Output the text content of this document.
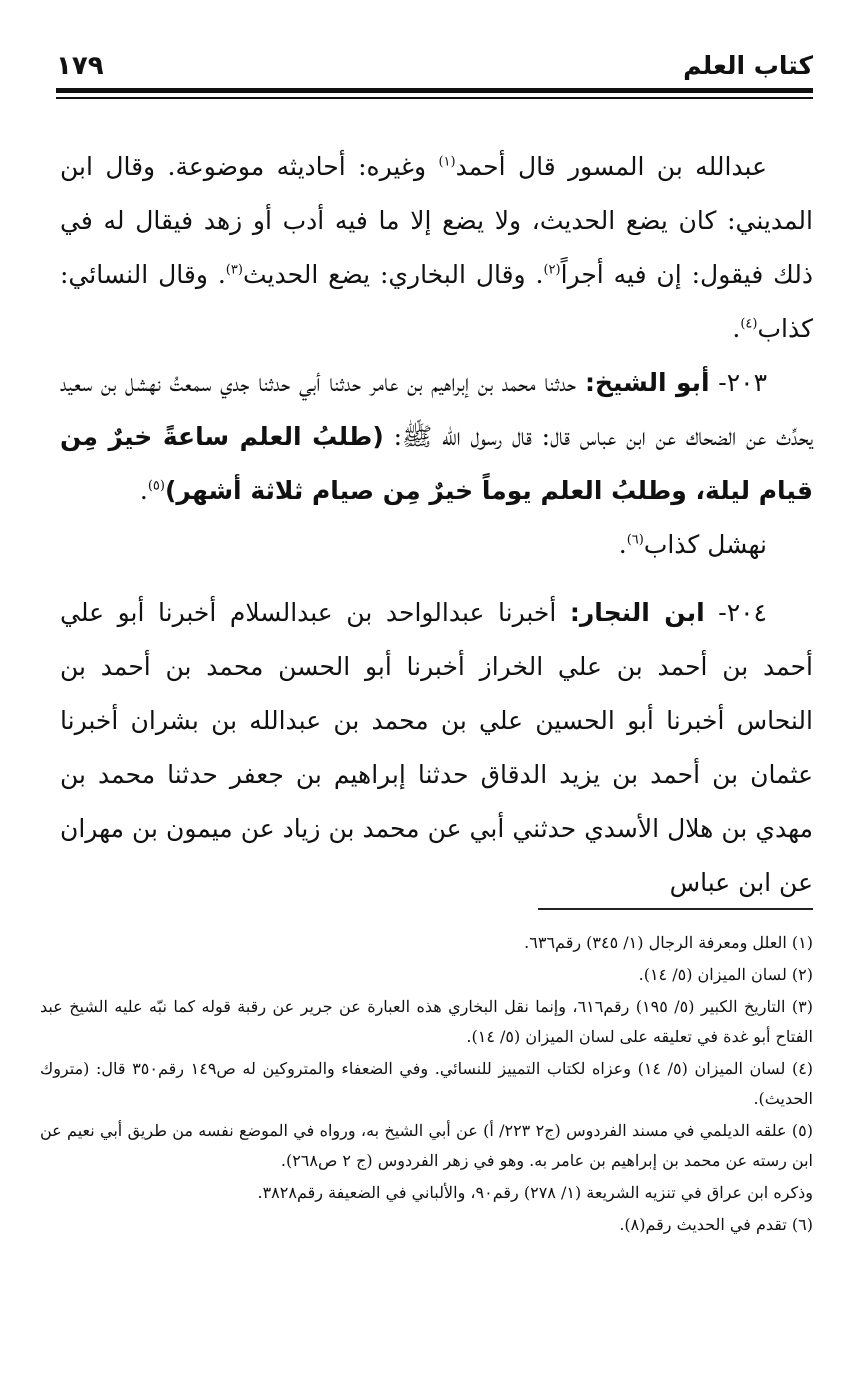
كتاب العلم
١٧٩

عبدالله بن المسور قال أحمد$^{(١)}$ وغيره: أحاديثه موضوعة. وقال ابن المديني: كان يضع الحديث، ولا يضع إلا ما فيه أدب أو زهد فيقال له في ذلك فيقول: إن فيه أجراً$^{(٢)}$. وقال البخاري: يضع الحديث$^{(٣)}$. وقال النسائي: كذاب$^{(٤)}$.

٢٠٣- أبو الشيخ: حدثنا محمد بن إبراهيم بن عامر حدثنا أبي حدثنا جدي سمعتُ نهشل بن سعيد يحدِّث عن الضحاك عن ابن عباس قال: قال رسول الله ﷺ: (طلبُ العلم ساعةً خيرٌ مِن قيام ليلة، وطلبُ العلم يوماً خيرٌ مِن صيام ثلاثة أشهر)$^{(٥)}$.

نهشل كذاب$^{(٦)}$.

٢٠٤- ابن النجار: أخبرنا عبدالواحد بن عبدالسلام أخبرنا أبو علي أحمد بن أحمد بن علي الخراز أخبرنا أبو الحسن محمد بن أحمد بن النحاس أخبرنا أبو الحسين علي بن محمد بن عبدالله بن بشران أخبرنا عثمان بن أحمد بن يزيد الدقاق حدثنا إبراهيم بن جعفر حدثنا محمد بن مهدي بن هلال الأسدي حدثني أبي عن محمد بن زياد عن ميمون بن مهران عن ابن عباس

(١) العلل ومعرفة الرجال (١/ ٣٤٥) رقم٦٣٦.

(٢) لسان الميزان (٥/ ١٤).

(٣) التاريخ الكبير (٥/ ١٩٥) رقم٦١٦، وإنما نقل البخاري هذه العبارة عن جرير عن رقبة قوله كما نبّه عليه الشيخ عبد الفتاح أبو غدة في تعليقه على لسان الميزان (٥/ ١٤).

(٤) لسان الميزان (٥/ ١٤) وعزاه لكتاب التمييز للنسائي. وفي الضعفاء والمتروكين له ص١٤٩ رقم٣٥٠ قال: (متروك الحديث).

(٥) علقه الديلمي في مسند الفردوس (ج٢ ٢٢٣/ أ) عن أبي الشيخ به، ورواه في الموضع نفسه من طريق أبي نعيم عن ابن رسته عن محمد بن إبراهيم بن عامر به. وهو في زهر الفردوس (ج ٢ ص٢٦٨).

وذكره ابن عراق في تنزيه الشريعة (١/ ٢٧٨) رقم٩٠، والألباني في الضعيفة رقم٣٨٢٨.

(٦) تقدم في الحديث رقم(٨).
